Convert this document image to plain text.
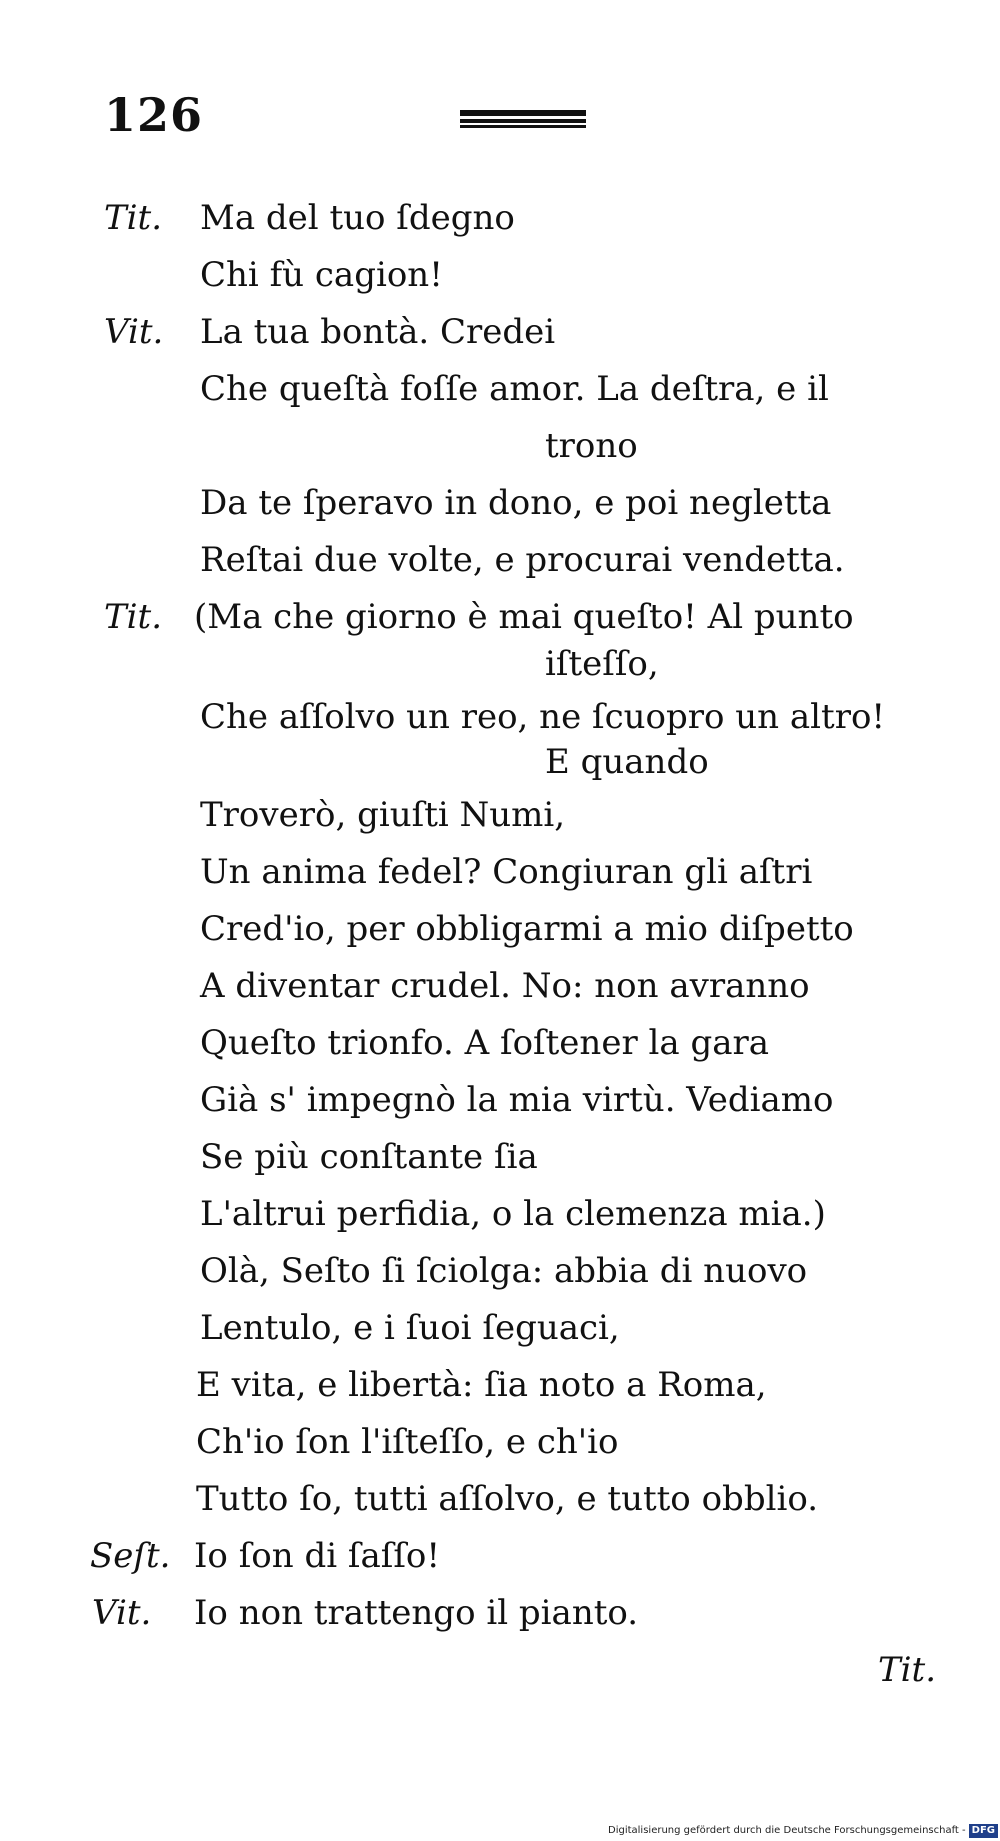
126
Tit. Ma del tuo ſdegno
Chi fù cagion!
Vit. La tua bontà. Credei
Che queſtà foſſe amor. La deſtra, e il
trono
Da te ſperavo in dono, e poi negletta
Reſtai due volte, e procurai vendetta.
Tit. (Ma che giorno è mai queſto! Al punto
iſteſſo,
Che aſſolvo un reo, ne ſcuopro un altro!
E quando
Troverò, giuſti Numi,
Un anima fedel? Congiuran gli aſtri
Cred'io, per obbligarmi a mio diſpetto
A diventar crudel. No: non avranno
Queſto trionfo. A ſoſtener la gara
Già s' impegnò la mia virtù. Vediamo
Se più conſtante ſia
L'altrui perfidia, o la clemenza mia.)
Olà, Seſto ſi ſciolga: abbia di nuovo
Lentulo, e i ſuoi ſeguaci,
E vita, e libertà: ſia noto a Roma,
Ch'io ſon l'iſteſſo, e ch'io
Tutto ſo, tutti aſſolvo, e tutto obblio.
Seſt. Io ſon di ſaſſo!
Vit. Io non trattengo il pianto.
Tit.
Digitalisierung gefördert durch die Deutsche Forschungsgemeinschaft - DFG
